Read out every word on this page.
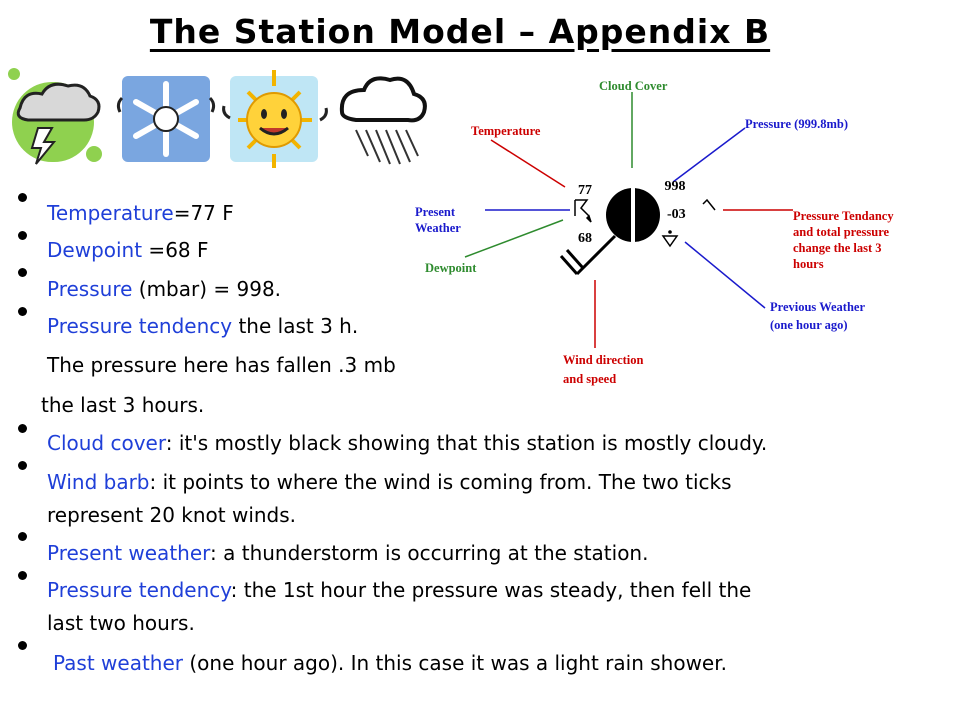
The Station Model – Appendix B
77
68
998
-03
Cloud Cover
Temperature	Pressure (999.8mb)
Present Weather
Pressure Tendancy and total pressure change the last 3 hours
Dewpoint
Previous Weather (one hour ago)
Wind direction and speed
Temperature=77 F
Dewpoint =68 F
Pressure (mbar) = 998.
Pressure tendency the last 3 h.
The pressure here has fallen .3 mb
the last 3 hours.
Cloud cover: it's mostly black showing that this station is mostly cloudy.
Wind barb: it points to where the wind is coming from. The two ticks
represent 20 knot winds.
Present weather: a thunderstorm is occurring at the station.
Pressure tendency: the 1st hour the pressure was steady, then fell the
last two hours.
Past weather (one hour ago). In this case it was a light rain shower.
